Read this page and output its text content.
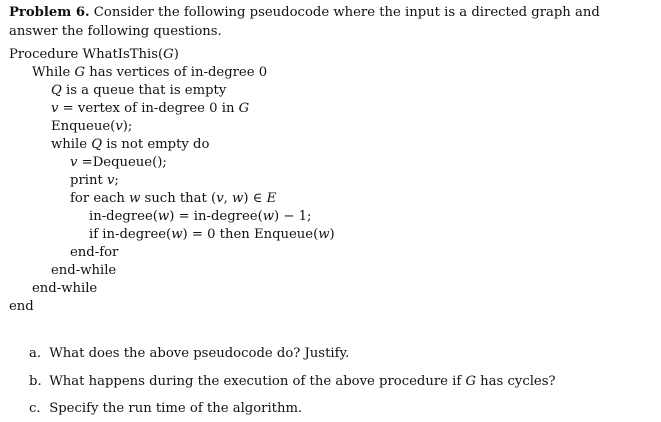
Problem 6. Consider the following pseudocode where the input is a directed graph and answer the following questions.
Procedure WhatIsThis(G)
While G has vertices of in-degree 0
Q is a queue that is empty
v = vertex of in-degree 0 in G
Enqueue(v);
while Q is not empty do
v =Dequeue();
print v;
for each w such that (v, w) ∈ E
in-degree(w) = in-degree(w) − 1;
if in-degree(w) = 0 then Enqueue(w)
end-for
end-while
end-while
end
a. What does the above pseudocode do? Justify.
b. What happens during the execution of the above procedure if G has cycles?
c. Specify the run time of the algorithm.
